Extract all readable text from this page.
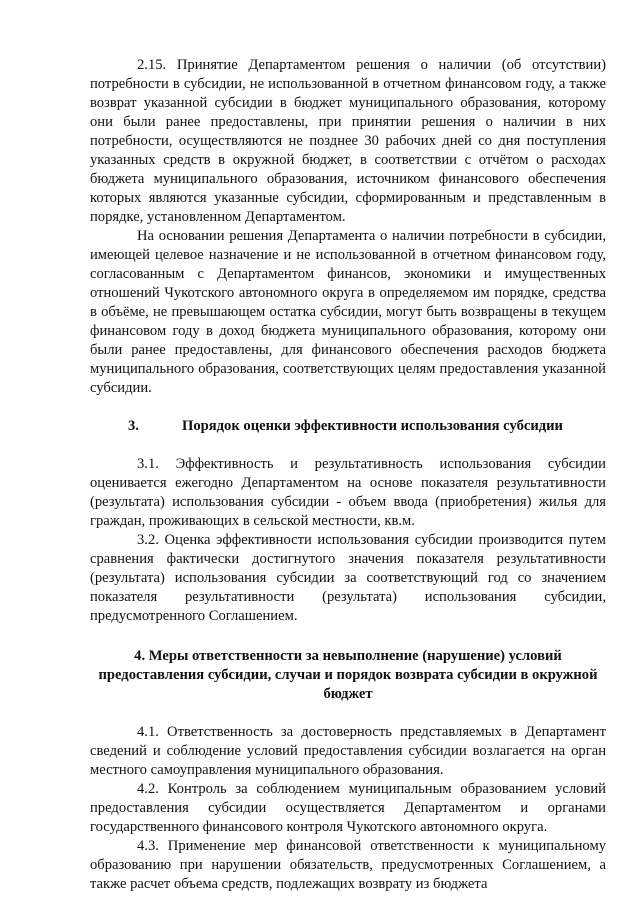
2.15. Принятие Департаментом решения о наличии (об отсутствии) потребности в субсидии, не использованной в отчетном финансовом году, а также возврат указанной субсидии в бюджет муниципального образования, которому они были ранее предоставлены, при принятии решения о наличии в них потребности, осуществляются не позднее 30 рабочих дней со дня поступления указанных средств в окружной бюджет, в соответствии с отчётом о расходах бюджета муниципального образования, источником финансового обеспечения которых являются указанные субсидии, сформированным и представленным в порядке, установленном Департаментом.

На основании решения Департамента о наличии потребности в субсидии, имеющей целевое назначение и не использованной в отчетном финансовом году, согласованным с Департаментом финансов, экономики и имущественных отношений Чукотского автономного округа в определяемом им порядке, средства в объёме, не превышающем остатка субсидии, могут быть возвращены в текущем финансовом году в доход бюджета муниципального образования, которому они были ранее предоставлены, для финансового обеспечения расходов бюджета муниципального образования, соответствующих целям предоставления указанной субсидии.

3.	Порядок оценки эффективности использования субсидии

3.1. Эффективность и результативность использования субсидии оценивается ежегодно Департаментом на основе показателя результативности (результата) использования субсидии - объем ввода (приобретения) жилья для граждан, проживающих в сельской местности, кв.м.

3.2. Оценка эффективности использования субсидии производится путем сравнения фактически достигнутого значения показателя результативности (результата) использования субсидии за соответствующий год со значением показателя результативности (результата) использования субсидии, предусмотренного Соглашением.

4. Меры ответственности за невыполнение (нарушение) условий предоставления субсидии, случаи и порядок возврата субсидии в окружной бюджет

4.1. Ответственность за достоверность представляемых в Департамент сведений и соблюдение условий предоставления субсидии возлагается на орган местного самоуправления муниципального образования.

4.2. Контроль за соблюдением муниципальным образованием условий предоставления субсидии осуществляется Департаментом и органами государственного финансового контроля Чукотского автономного округа.

4.3. Применение мер финансовой ответственности к муниципальному образованию при нарушении обязательств, предусмотренных Соглашением, а также расчет объема средств, подлежащих возврату из бюджета
